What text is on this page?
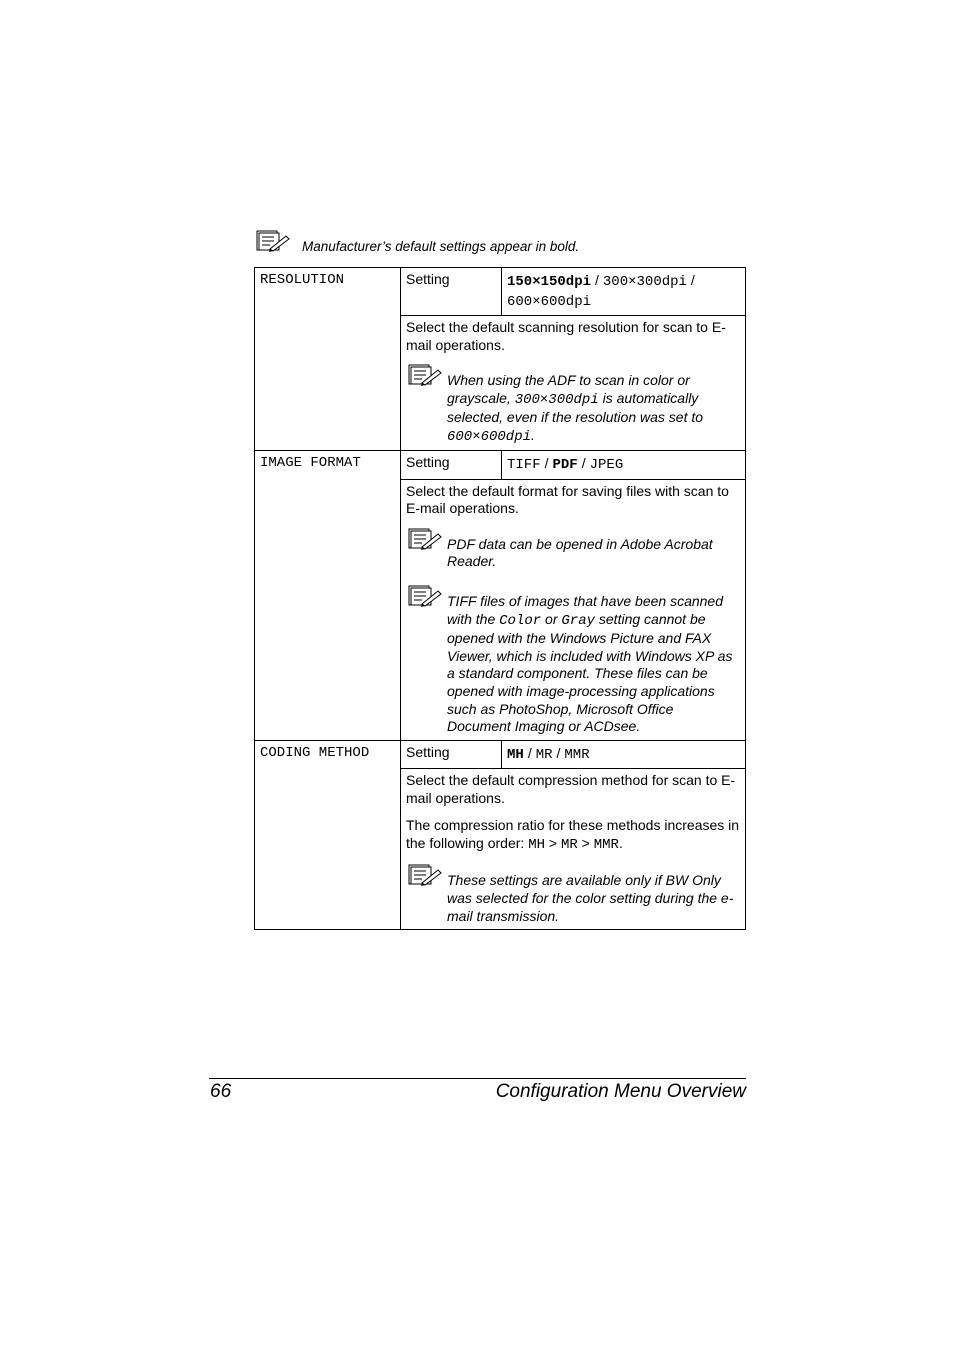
Manufacturer’s default settings appear in bold.
RESOLUTION	Setting	150×150dpi / 300×300dpi /
600×600dpi

	Select the default scanning resolution for scan to E-mail operations.

When using the ADF to scan in color or grayscale, 300×300dpi is automatically selected, even if the resolution was set to 600×600dpi.	

IMAGE FORMAT	Setting	TIFF / PDF / JPEG

	Select the default format for saving files with scan to E-mail operations.

PDF data can be opened in Adobe Acrobat Reader.
TIFF files of images that have been scanned with the Color or Gray setting cannot be opened with the Windows Picture and FAX Viewer, which is included with Windows XP as a standard component. These files can be opened with image-processing applications such as PhotoShop, Microsoft Office Document Imaging or ACDsee.	

CODING METHOD	Setting	MH / MR / MMR

	Select the default compression method for scan to E-mail operations.

The compression ratio for these methods increases in the following order: MH > MR > MMR.

These settings are available only if BW Only was selected for the color setting during the e-mail transmission.	
66	Configuration Menu Overview
